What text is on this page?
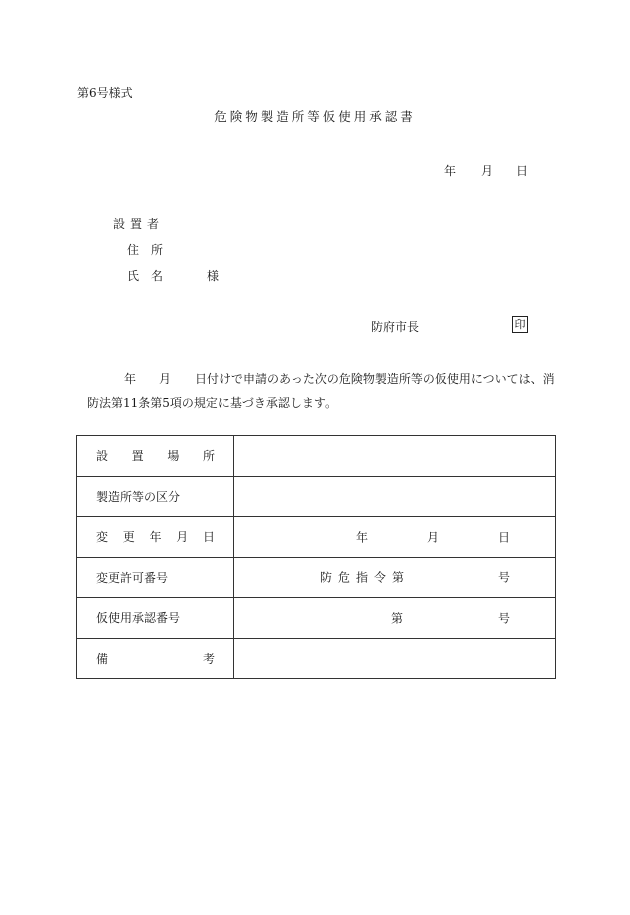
第6号様式
危険物製造所等仮使用承認書
年 月 日
設置者
住所
氏名	様
防府市長	印
年 月 日付けで申請のあった次の危険物製造所等の仮使用については、消
防法第11条第5項の規定に基づき承認します。
設 置 場 所	

製造所等の区分	

変 更 年 月 日	年 月 日

変更許可番号	防危指令第 号

仮使用承認番号	第 号

備 考	
